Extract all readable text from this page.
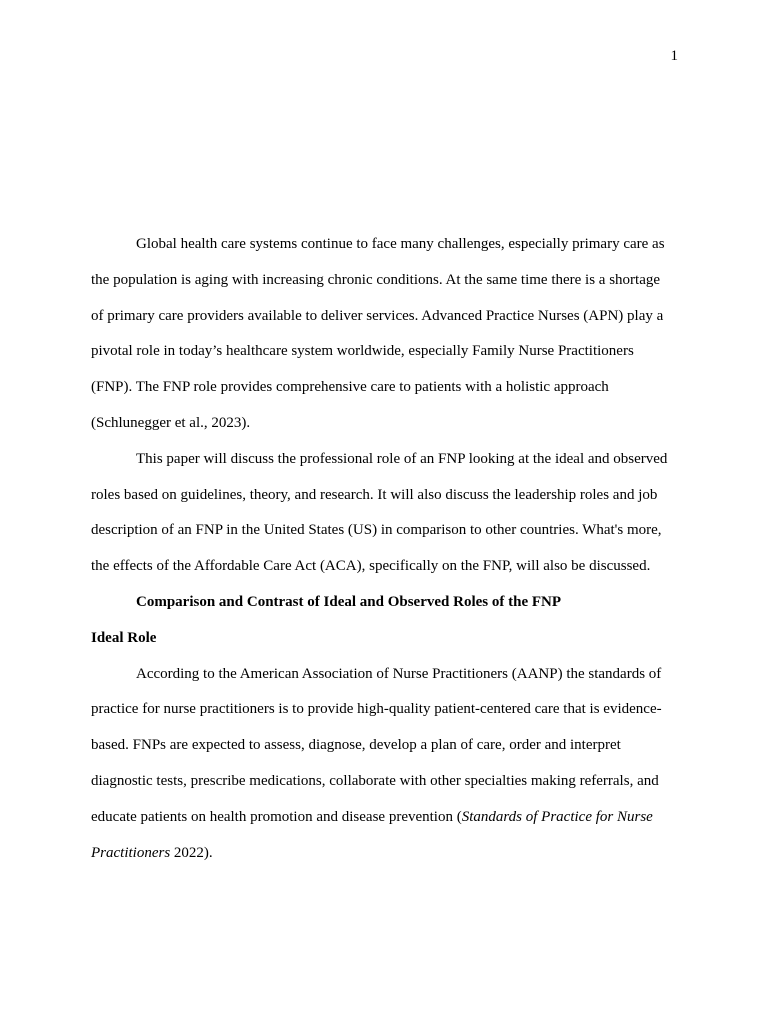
1

Global health care systems continue to face many challenges, especially primary care as the population is aging with increasing chronic conditions. At the same time there is a shortage of primary care providers available to deliver services. Advanced Practice Nurses (APN) play a pivotal role in today’s healthcare system worldwide, especially Family Nurse Practitioners (FNP). The FNP role provides comprehensive care to patients with a holistic approach (Schlunegger et al., 2023).

This paper will discuss the professional role of an FNP looking at the ideal and observed roles based on guidelines, theory, and research. It will also discuss the leadership roles and job description of an FNP in the United States (US) in comparison to other countries. What's more, the effects of the Affordable Care Act (ACA), specifically on the FNP, will also be discussed.

Comparison and Contrast of Ideal and Observed Roles of the FNP

Ideal Role

According to the American Association of Nurse Practitioners (AANP) the standards of practice for nurse practitioners is to provide high-quality patient-centered care that is evidence-based. FNPs are expected to assess, diagnose, develop a plan of care, order and interpret diagnostic tests, prescribe medications, collaborate with other specialties making referrals, and educate patients on health promotion and disease prevention (Standards of Practice for Nurse Practitioners 2022).
